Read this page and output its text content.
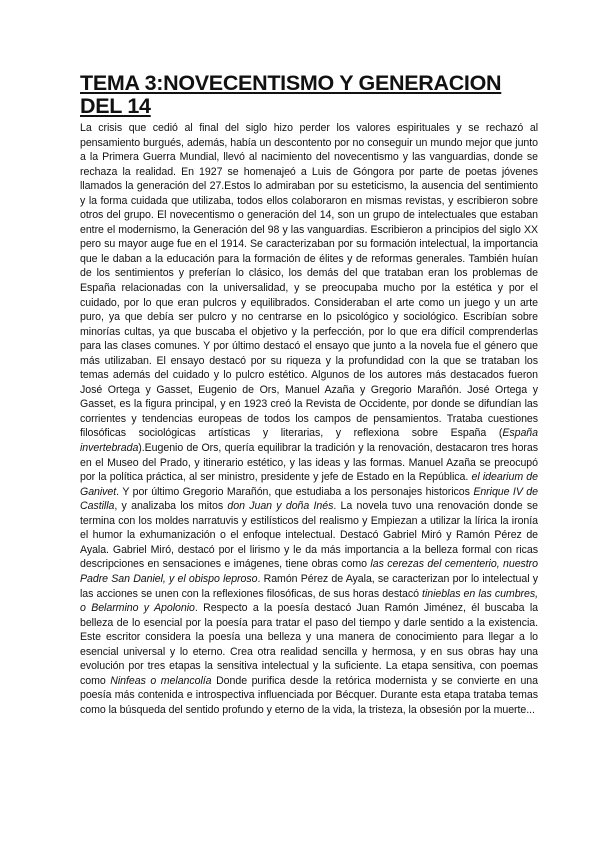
TEMA 3:NOVECENTISMO Y GENERACION DEL 14

La crisis que cedió al final del siglo hizo perder los valores espirituales y se rechazó al pensamiento burgués, además, había un descontento por no conseguir un mundo mejor que junto a la Primera Guerra Mundial, llevó al nacimiento del novecentismo y las vanguardias, donde se rechaza la realidad. En 1927 se homenajeó a Luis de Góngora por parte de poetas jóvenes llamados la generación del 27.Estos lo admiraban por su esteticismo, la ausencia del sentimiento y la forma cuidada que utilizaba, todos ellos colaboraron en mismas revistas, y escribieron sobre otros del grupo. El novecentismo o generación del 14, son un grupo de intelectuales que estaban entre el modernismo, la Generación del 98 y las vanguardias. Escribieron a principios del siglo XX pero su mayor auge fue en el 1914. Se caracterizaban por su formación intelectual, la importancia que le daban a la educación para la formación de élites y de reformas generales. También huían de los sentimientos y preferían lo clásico, los demás del que trataban eran los problemas de España relacionadas con la universalidad, y se preocupaba mucho por la estética y por el cuidado, por lo que eran pulcros y equilibrados. Consideraban el arte como un juego y un arte puro, ya que debía ser pulcro y no centrarse en lo psicológico y sociológico. Escribían sobre minorías cultas, ya que buscaba el objetivo y la perfección, por lo que era difícil comprenderlas para las clases comunes. Y por último destacó el ensayo que junto a la novela fue el género que más utilizaban. El ensayo destacó por su riqueza y la profundidad con la que se trataban los temas además del cuidado y lo pulcro estético. Algunos de los autores más destacados fueron José Ortega y Gasset, Eugenio de Ors, Manuel Azaña y Gregorio Marañón. José Ortega y Gasset, es la figura principal, y en 1923 creó la Revista de Occidente, por donde se difundían las corrientes y tendencias europeas de todos los campos de pensamientos. Trataba cuestiones filosóficas sociológicas artísticas y literarias, y reflexiona sobre España (España invertebrada).Eugenio de Ors, quería equilibrar la tradición y la renovación, destacaron tres horas en el Museo del Prado, y itinerario estético, y las ideas y las formas. Manuel Azaña se preocupó por la política práctica, al ser ministro, presidente y jefe de Estado en la República. el idearium de Ganivet. Y por último Gregorio Marañón, que estudiaba a los personajes historicos Enrique IV de Castilla, y analizaba los mitos don Juan y doña Inés. La novela tuvo una renovación donde se termina con los moldes narratuvis y estilísticos del realismo y Empiezan a utilizar la lírica la ironía el humor la exhumanización o el enfoque intelectual. Destacó Gabriel Miró y Ramón Pérez de Ayala. Gabriel Miró, destacó por el lirismo y le da más importancia a la belleza formal con ricas descripciones en sensaciones e imágenes, tiene obras como las cerezas del cementerio, nuestro Padre San Daniel, y el obispo leproso. Ramón Pérez de Ayala, se caracterizan por lo intelectual y las acciones se unen con la reflexiones filosóficas, de sus horas destacó tinieblas en las cumbres, o Belarmino y Apolonio. Respecto a la poesía destacó Juan Ramón Jiménez, él buscaba la belleza de lo esencial por la poesía para tratar el paso del tiempo y darle sentido a la existencia. Este escritor considera la poesía una belleza y una manera de conocimiento para llegar a lo esencial universal y lo eterno. Crea otra realidad sencilla y hermosa, y en sus obras hay una evolución por tres etapas la sensitiva intelectual y la suficiente. La etapa sensitiva, con poemas como Ninfeas o melancolía Donde purifica desde la retórica modernista y se convierte en una poesía más contenida e introspectiva influenciada por Bécquer. Durante esta etapa trataba temas como la búsqueda del sentido profundo y eterno de la vida, la tristeza, la obsesión por la muerte...
